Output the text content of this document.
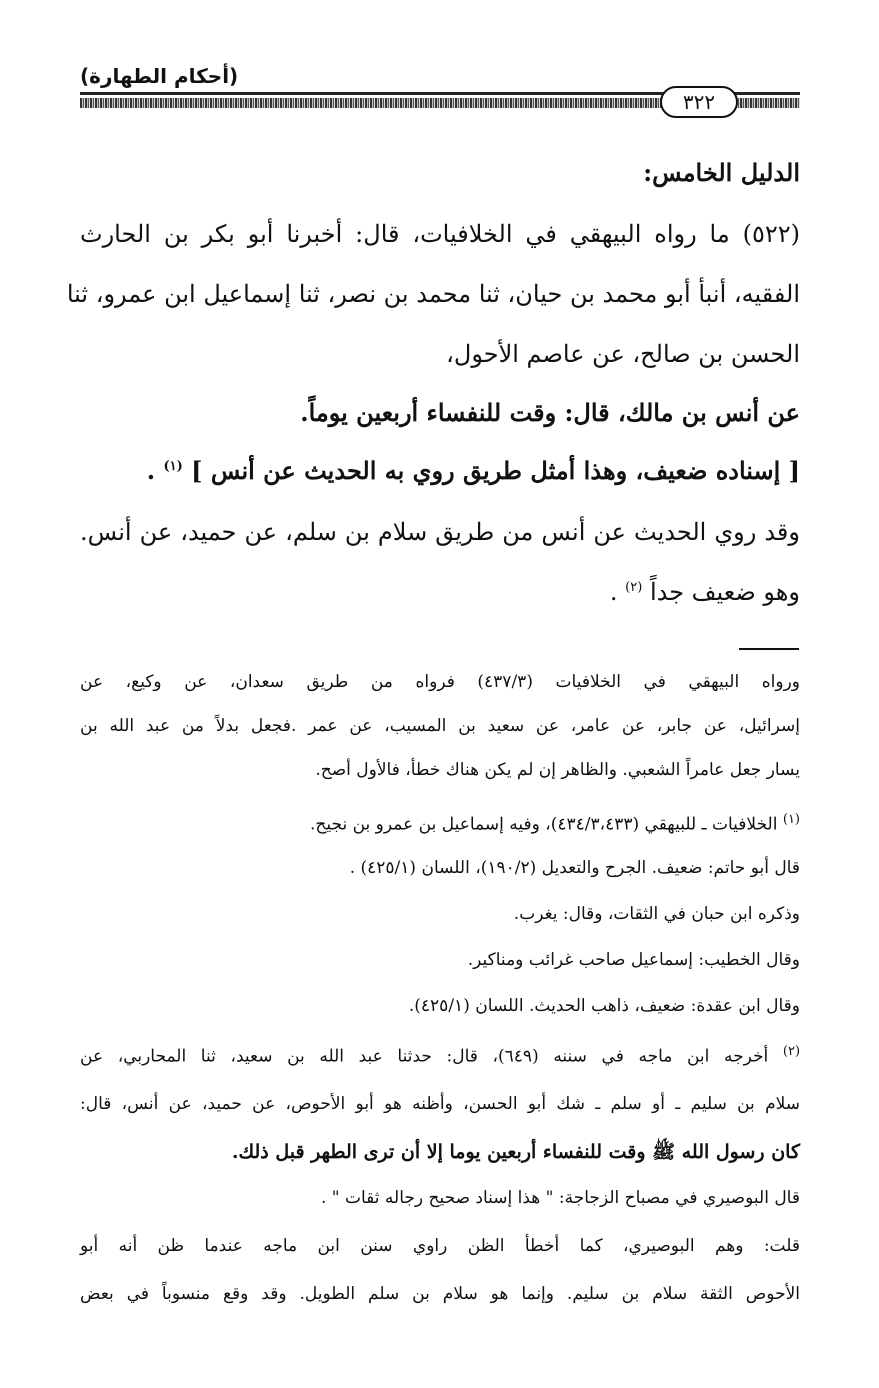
(أحكام الطهارة)
٣٢٢
الدليل الخامس:
(٥٢٢) ما رواه البيهقي في الخلافيات، قال: أخبرنا أبو بكر بن الحارث
الفقيه، أنبأ أبو محمد بن حيان، ثنا محمد بن نصر، ثنا إسماعيل ابن عمرو، ثنا
الحسن بن صالح، عن عاصم الأحول،
عن أنس بن مالك، قال: وقت للنفساء أربعين يوماً.
[ إسناده ضعيف، وهذا أمثل طريق روي به الحديث عن أنس ] $^{(١)}$ .
وقد روي الحديث عن أنس من طريق سلام بن سلم، عن حميد، عن أنس.
وهو ضعيف جداً $^{(٢)}$ .
ورواه البيهقي في الخلافيات (٤٣٧/٣) فرواه من طريق سعدان، عن وكيع، عن
إسرائيل، عن جابر، عن عامر، عن سعيد بن المسيب، عن عمر .فجعل بدلاً من عبد الله بن
يسار جعل عامراً الشعبي. والظاهر إن لم يكن هناك خطأ، فالأول أصح.
$^{(١)}$ الخلافيات ـ للبيهقي (٤٣٤/٣،٤٣٣)، وفيه إسماعيل بن عمرو بن نجيح.
قال أبو حاتم: ضعيف. الجرح والتعديل (١٩٠/٢)، اللسان (٤٢٥/١) .
وذكره ابن حبان في الثقات، وقال: يغرب.
وقال الخطيب: إسماعيل صاحب غرائب ومناكير.
وقال ابن عقدة: ضعيف، ذاهب الحديث. اللسان (٤٢٥/١).
$^{(٢)}$ أخرجه ابن ماجه في سننه (٦٤٩)، قال: حدثنا عبد الله بن سعيد، ثنا المحاربي، عن
سلام بن سليم ـ أو سلم ـ شك أبو الحسن، وأظنه هو أبو الأحوص، عن حميد، عن أنس، قال:
كان رسول الله ﷺ وقت للنفساء أربعين يوما إلا أن ترى الطهر قبل ذلك.
قال البوصيري في مصباح الزجاجة: " هذا إسناد صحيح رجاله ثقات " .
قلت: وهم البوصيري، كما أخطأ الظن راوي سنن ابن ماجه عندما ظن أنه أبو
الأحوص الثقة سلام بن سليم. وإنما هو سلام بن سلم الطويل. وقد وقع منسوباً في بعض
